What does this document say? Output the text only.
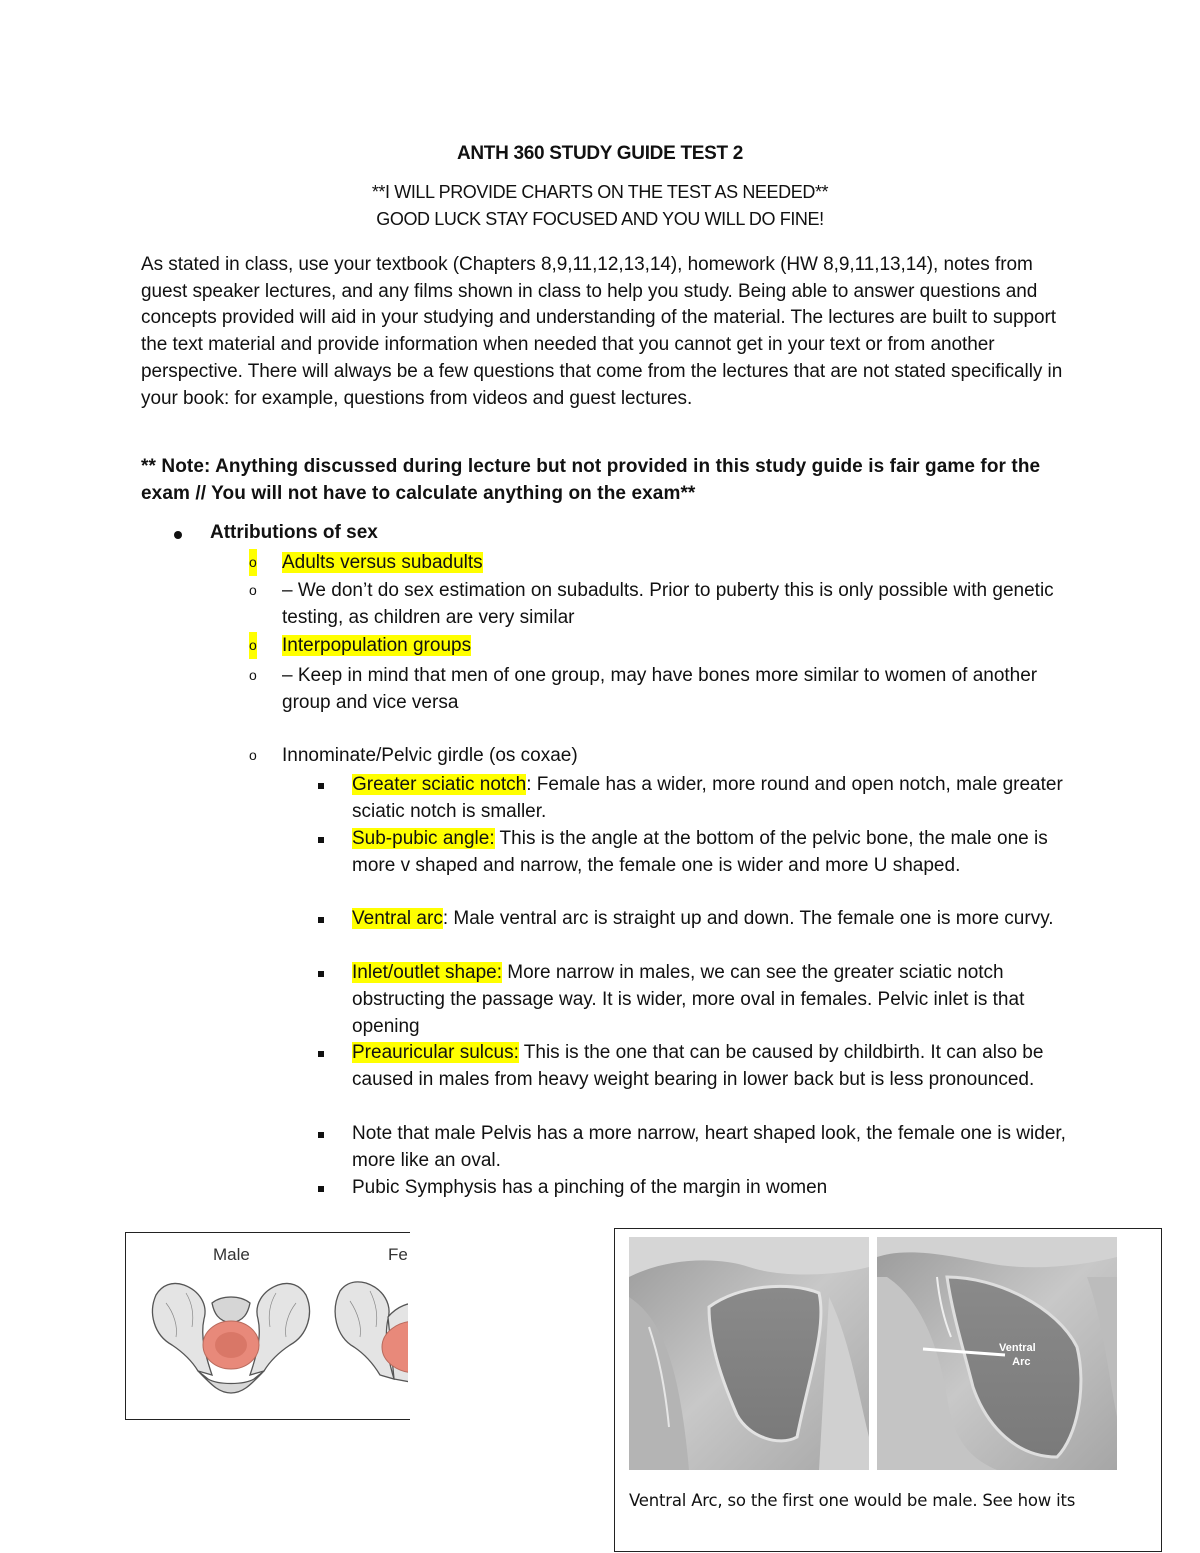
ANTH 360 STUDY GUIDE TEST 2
**I WILL PROVIDE CHARTS ON THE TEST AS NEEDED**
GOOD LUCK STAY FOCUSED AND YOU WILL DO FINE!
As stated in class, use your textbook (Chapters 8,9,11,12,13,14), homework (HW 8,9,11,13,14), notes from guest speaker lectures, and any films shown in class to help you study. Being able to answer questions and concepts provided will aid in your studying and understanding of the material. The lectures are built to support the text material and provide information when needed that you cannot get in your text or from another perspective. There will always be a few questions that come from the lectures that are not stated specifically in your book: for example, questions from videos and guest lectures.
** Note: Anything discussed during lecture but not provided in this study guide is fair game for the exam // You will not have to calculate anything on the exam**
Attributions of sex
o Adults versus subadults
o – We don’t do sex estimation on subadults. Prior to puberty this is only possible with genetic testing, as children are very similar
o Interpopulation groups
o – Keep in mind that men of one group, may have bones more similar to women of another group and vice versa
o Innominate/Pelvic girdle (os coxae)
Greater sciatic notch: Female has a wider, more round and open notch, male greater sciatic notch is smaller.
Sub-pubic angle: This is the angle at the bottom of the pelvic bone, the male one is more v shaped and narrow, the female one is wider and more U shaped.
Ventral arc: Male ventral arc is straight up and down. The female one is more curvy.
Inlet/outlet shape: More narrow in males, we can see the greater sciatic notch obstructing the passage way. It is wider, more oval in females. Pelvic inlet is that opening
Preauricular sulcus: This is the one that can be caused by childbirth. It can also be caused in males from heavy weight bearing in lower back but is less pronounced.
Note that male Pelvis has a more narrow, heart shaped look, the female one is wider, more like an oval.
Pubic Symphysis has a pinching of the margin in women
Male	Fe
Ventral
Arc
Ventral Arc, so the first one would be male. See how its
